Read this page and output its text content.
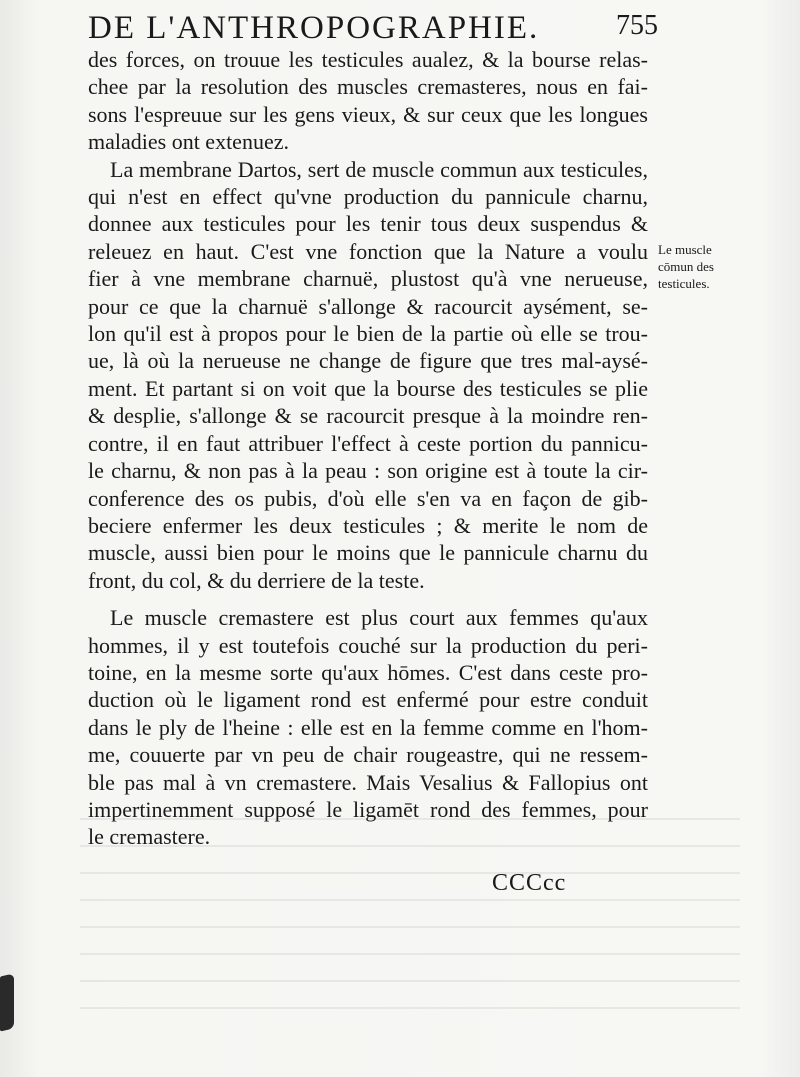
DE L'ANTHROPOGRAPHIE.	755
des forces, on trouue les testicules aualez, & la bourse relas-
chee par la resolution des muscles cremasteres, nous en fai-
sons l'espreuue sur les gens vieux, & sur ceux que les longues
maladies ont extenuez.
La membrane Dartos, sert de muscle commun aux testicules,
qui n'est en effect qu'vne production du pannicule charnu,
donnee aux testicules pour les tenir tous deux suspendus &
releuez en haut. C'est vne fonction que la Nature a voulu
fier à vne membrane charnuë, plustost qu'à vne nerueuse,
pour ce que la charnuë s'allonge & racourcit aysément, se-
lon qu'il est à propos pour le bien de la partie où elle se trou-
ue, là où la nerueuse ne change de figure que tres mal-aysé-
ment. Et partant si on voit que la bourse des testicules se plie
& desplie, s'allonge & se racourcit presque à la moindre ren-
contre, il en faut attribuer l'effect à ceste portion du pannicu-
le charnu, & non pas à la peau : son origine est à toute la cir-
conference des os pubis, d'où elle s'en va en façon de gib-
beciere enfermer les deux testicules ; & merite le nom de
muscle, aussi bien pour le moins que le pannicule charnu du
front, du col, & du derriere de la teste.
Le muscle cremastere est plus court aux femmes qu'aux
hommes, il y est toutefois couché sur la production du peri-
toine, en la mesme sorte qu'aux hōmes. C'est dans ceste pro-
duction où le ligament rond est enfermé pour estre conduit
dans le ply de l'heine : elle est en la femme comme en l'hom-
me, couuerte par vn peu de chair rougeastre, qui ne ressem-
ble pas mal à vn cremastere. Mais Vesalius & Fallopius ont
impertinemment supposé le ligamēt rond des femmes, pour
le cremastere.
Le muscle
cōmun des
testicules.
CCCcc
